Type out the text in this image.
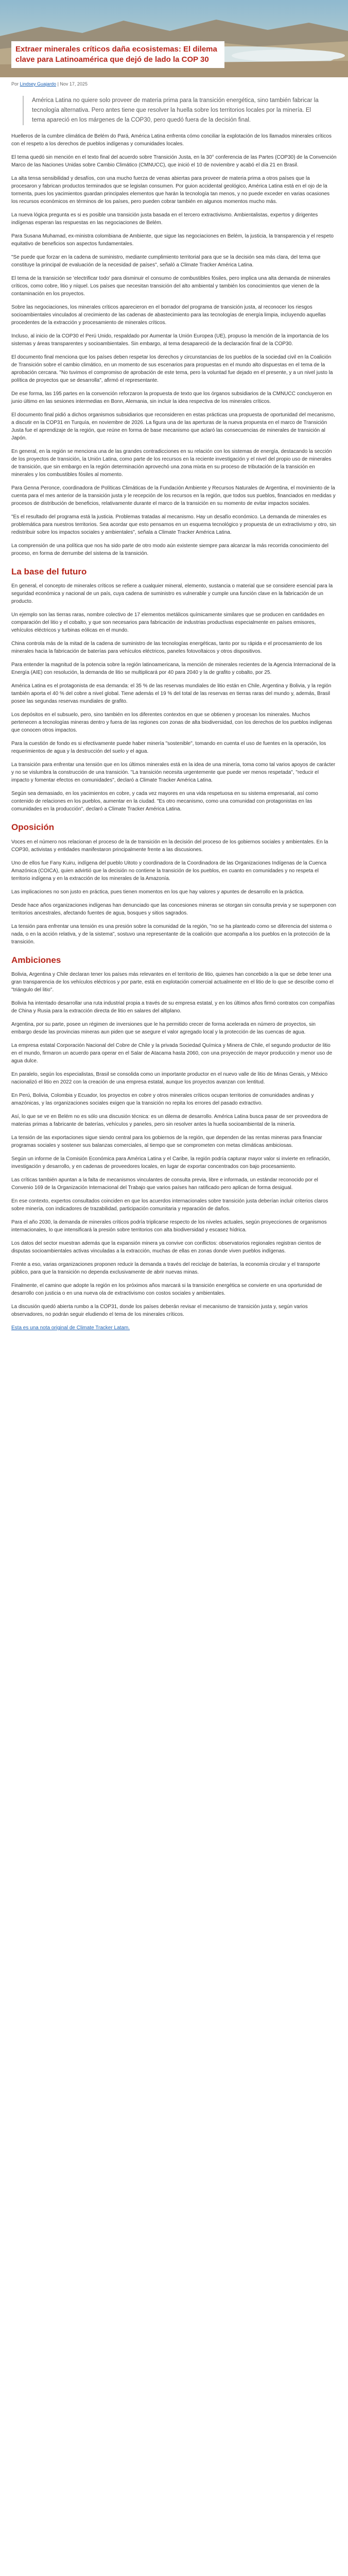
Extraer minerales críticos daña ecosistemas: El dilema clave para Latinoamérica que dejó de lado la COP 30
Por Lindsey Guajardo | Nov 17, 2025

América Latina no quiere solo proveer de materia prima para la transición energética, sino también fabricar la tecnología alternativa. Pero antes tiene que resolver la huella sobre los territorios locales por la minería. El tema apareció en los márgenes de la COP30, pero quedó fuera de la decisión final.

Huelleros de la cumbre climática de Belém do Pará, América Latina enfrenta cómo conciliar la explotación de los llamados minerales críticos con el respeto a los derechos de pueblos indígenas y comunidades locales.

El tema quedó sin mención en el texto final del acuerdo sobre Transición Justa, en la 30° conferencia de las Partes (COP30) de la Convención Marco de las Naciones Unidas sobre Cambio Climático (CMNUCC), que inició el 10 de noviembre y acabó el día 21 en Brasil.

La alta tensa sensibilidad y desafíos, con una mucho fuerza de venas abiertas para proveer de materia prima a otros países que la procesaron y fabrican productos terminados que se legislan consumen. Por guion accidental geológico, América Latina está en el ojo de la tormenta, pues los yacimientos guardan principales elementos que harán la tecnología tan menos, y no puede exceder en varias ocasiones los recursos económicos en términos de los países, pero pueden cobrar también en algunos momentos mucho más.

La nueva lógica pregunta es si es posible una transición justa basada en el tercero extractivismo. Ambientalistas, expertos y dirigentes indígenas esperan las respuestas en las negociaciones de Belém.

Para Susana Muhamad, ex-ministra colombiana de Ambiente, que sigue las negociaciones en Belém, la justicia, la transparencia y el respeto equitativo de beneficios son aspectos fundamentales.

"Se puede que forzar en la cadena de suministro, mediante cumplimiento territorial para que se la decisión sea más clara, del tema que constituye la principal de evaluación de la necesidad de países", señaló a Climate Tracker América Latina.

El tema de la transición se 'electrificar todo' para disminuir el consumo de combustibles fósiles, pero implica una alta demanda de minerales críticos, como cobre, litio y níquel. Los países que necesitan transición del alto ambiental y también los conocimientos que vienen de la contaminación en los proyectos.

Sobre las negociaciones, los minerales críticos aparecieron en el borrador del programa de transición justa, al reconocer los riesgos socioambientales vinculados al crecimiento de las cadenas de abastecimiento para las tecnologías de energía limpia, incluyendo aquellas procedentes de la extracción y procesamiento de minerales críticos.

Incluso, al inicio de la COP30 el Perú Unido, respaldado por Aumentar la Unión Europea (UE), propuso la mención de la importancia de los sistemas y áreas transparentes y socioambientales. Sin embargo, al tema desapareció de la declaración final de la COP30.

El documento final menciona que los países deben respetar los derechos y circunstancias de los pueblos de la sociedad civil en la Coalición de Transición sobre el cambio climático, en un momento de sus escenarios para propuestas en el mundo alto dispuestas en el tema de la aprobación cercana. "No tuvimos el compromiso de aprobación de este tema, pero la voluntad fue dejado en el presente, y a un nivel justo la política de proyectos que se desarrolla", afirmó el representante.

De ese forma, las 195 partes en la convención reforzaron la propuesta de texto que los órganos subsidiarios de la CMNUCC concluyeron en junio último en las sesiones intermedias en Bonn, Alemania, sin incluir la idea respectiva de los minerales críticos.

El documento final pidió a dichos organismos subsidiarios que reconsideren en estas prácticas una propuesta de oportunidad del mecanismo, a discutir en la COP31 en Turquía, en noviembre de 2026. La figura una de las aperturas de la nueva propuesta en el marco de Transición Justa fue el aprendizaje de la región, que reúne en forma de base mecanismo que aclaró las consecuencias de minerales de transición al Japón.

En general, en la región se menciona una de las grandes contradicciones en su relación con los sistemas de energía, destacando la sección de los proyectos de transición, la Unión Latina, como parte de los recursos en la reciente investigación y el nivel del propio uso de minerales de transición, que sin embargo en la región determinación aprovechó una zona mixta en su proceso de tributación de la transición en minerales y los combustibles fósiles al momento.

Para Genna Peronce, coordinadora de Políticas Climáticas de la Fundación Ambiente y Recursos Naturales de Argentina, el movimiento de la cuenta para el mes anterior de la transición justa y le recepción de los recursos en la región, que todos sus pueblos, financiados en medidas y procesos de distribución de beneficios, relativamente durante el marco de la transición en su momento de evitar impactos sociales.

"Es el resultado del programa está la justicia. Problemas tratadas al mecanismo. Hay un desafío económico. La demanda de minerales es problemática para nuestros territorios. Sea acordar que esto pensamos en un esquema tecnológico y propuesta de un extractivismo y otro, sin redistribuir sobre los impactos sociales y ambientales", señala a Climate Tracker América Latina.

La comprensión de una política que nos ha sido parte de otro modo aún existente siempre para alcanzar la más recorrida conocimiento del proceso, en forma de derrumbe del sistema de la transición.

La base del futuro

En general, el concepto de minerales críticos se refiere a cualquier mineral, elemento, sustancia o material que se considere esencial para la seguridad económica y nacional de un país, cuya cadena de suministro es vulnerable y cumple una función clave en la fabricación de un producto.

Un ejemplo son las tierras raras, nombre colectivo de 17 elementos metálicos químicamente similares que se producen en cantidades en comparación del litio y el cobalto, y que son necesarios para fabricación de industrias productivas especialmente en países emisores, vehículos eléctricos y turbinas eólicas en el mundo.

China controla más de la mitad de la cadena de suministro de las tecnologías energéticas, tanto por su rápida e el procesamiento de los minerales hacia la fabricación de baterías para vehículos eléctricos, paneles fotovoltaicos y otros dispositivos.

Para entender la magnitud de la potencia sobre la región latinoamericana, la mención de minerales recientes de la Agencia Internacional de la Energía (AIE) con resolución, la demanda de litio se multiplicará por 40 para 2040 y la de grafito y cobalto, por 25.

América Latina es el protagonista de esa demanda: el 35 % de las reservas mundiales de litio están en Chile, Argentina y Bolivia, y la región también aporta el 40 % del cobre a nivel global. Tiene además el 19 % del total de las reservas en tierras raras del mundo y, además, Brasil posee las segundas reservas mundiales de grafito.

Los depósitos en el subsuelo, pero, sino también en los diferentes contextos en que se obtienen y procesan los minerales. Muchos pertenecen a tecnologías mineras dentro y fuera de las regiones con zonas de alta biodiversidad, con los derechos de los pueblos indígenas que conocen otros impactos.

Para la cuestión de fondo es si efectivamente puede haber minería "sostenible", tomando en cuenta el uso de fuentes en la operación, los requerimientos de agua y la destrucción del suelo y el agua.

La transición para enfrentar una tensión que en los últimos minerales está en la idea de una minería, toma como tal varios apoyos de carácter y no se vislumbra la construcción de una transición. "La transición necesita urgentemente que puede ver menos respetada", "reducir el impacto y fomentar efectos en comunidades", declaró a Climate Tracker América Latina.

Según sea demasiado, en los yacimientos en cobre, y cada vez mayores en una vida respetuosa en su sistema empresarial, así como contenido de relaciones en los pueblos, aumentar en la ciudad. "Es otro mecanismo, como una comunidad con protagonistas en las comunidades en la producción", declaró a Climate Tracker América Latina.

Oposición

Voces en el número nos relacionan el proceso de la de transición en la decisión del proceso de los gobiernos sociales y ambientales. En la COP30, activistas y entidades manifestaron principalmente frente a las discusiones.

Uno de ellos fue Fany Kuiru, indígena del pueblo Uitoto y coordinadora de la Coordinadora de las Organizaciones Indígenas de la Cuenca Amazónica (COICA), quien advirtió que la decisión no contiene la transición de los pueblos, en cuanto en comunidades y no respeta el territorio indígena y en la extracción de los minerales de la Amazonía.

Las implicaciones no son justo en práctica, pues tienen momentos en los que hay valores y apuntes de desarrollo en la práctica.

Desde hace años organizaciones indígenas han denunciado que las concesiones mineras se otorgan sin consulta previa y se superponen con territorios ancestrales, afectando fuentes de agua, bosques y sitios sagrados.

La tensión para enfrentar una tensión es una presión sobre la comunidad de la región, "no se ha planteado como se diferencia del sistema o nada, o en la acción relativa, y de la sistema", sostuvo una representante de la coalición que acompaña a los pueblos en la protección de la transición.

Ambiciones

Bolivia, Argentina y Chile declaran tener los países más relevantes en el territorio de litio, quienes han concebido a la que se debe tener una gran transparencia de los vehículos eléctricos y por parte, está en explotación comercial actualmente en el litio de lo que se describe como el "triángulo del litio".

Bolivia ha intentado desarrollar una ruta industrial propia a través de su empresa estatal, y en los últimos años firmó contratos con compañías de China y Rusia para la extracción directa de litio en salares del altiplano.

Argentina, por su parte, posee un régimen de inversiones que le ha permitido crecer de forma acelerada en número de proyectos, sin embargo desde las provincias mineras aun piden que se asegure el valor agregado local y la protección de las cuencas de agua.

La empresa estatal Corporación Nacional del Cobre de Chile y la privada Sociedad Química y Minera de Chile, el segundo productor de litio en el mundo, firmaron un acuerdo para operar en el Salar de Atacama hasta 2060, con una proyección de mayor producción y menor uso de agua dulce.

En paralelo, según los especialistas, Brasil se consolida como un importante productor en el nuevo valle de litio de Minas Gerais, y México nacionalizó el litio en 2022 con la creación de una empresa estatal, aunque los proyectos avanzan con lentitud.

En Perú, Bolivia, Colombia y Ecuador, los proyectos en cobre y otros minerales críticos ocupan territorios de comunidades andinas y amazónicas, y las organizaciones sociales exigen que la transición no repita los errores del pasado extractivo.

Así, lo que se ve en Belém no es sólo una discusión técnica: es un dilema de desarrollo. América Latina busca pasar de ser proveedora de materias primas a fabricante de baterías, vehículos y paneles, pero sin resolver antes la huella socioambiental de la minería.

La tensión de las exportaciones sigue siendo central para los gobiernos de la región, que dependen de las rentas mineras para financiar programas sociales y sostener sus balanzas comerciales, al tiempo que se comprometen con metas climáticas ambiciosas.

Según un informe de la Comisión Económica para América Latina y el Caribe, la región podría capturar mayor valor si invierte en refinación, investigación y desarrollo, y en cadenas de proveedores locales, en lugar de exportar concentrados con bajo procesamiento.

Las críticas también apuntan a la falta de mecanismos vinculantes de consulta previa, libre e informada, un estándar reconocido por el Convenio 169 de la Organización Internacional del Trabajo que varios países han ratificado pero aplican de forma desigual.

En ese contexto, expertos consultados coinciden en que los acuerdos internacionales sobre transición justa deberían incluir criterios claros sobre minería, con indicadores de trazabilidad, participación comunitaria y reparación de daños.

Para el año 2030, la demanda de minerales críticos podría triplicarse respecto de los niveles actuales, según proyecciones de organismos internacionales, lo que intensificará la presión sobre territorios con alta biodiversidad y escasez hídrica.

Los datos del sector muestran además que la expansión minera ya convive con conflictos: observatorios regionales registran cientos de disputas socioambientales activas vinculadas a la extracción, muchas de ellas en zonas donde viven pueblos indígenas.

Frente a eso, varias organizaciones proponen reducir la demanda a través del reciclaje de baterías, la economía circular y el transporte público, para que la transición no dependa exclusivamente de abrir nuevas minas.

Finalmente, el camino que adopte la región en los próximos años marcará si la transición energética se convierte en una oportunidad de desarrollo con justicia o en una nueva ola de extractivismo con costos sociales y ambientales.

La discusión quedó abierta rumbo a la COP31, donde los países deberán revisar el mecanismo de transición justa y, según varios observadores, no podrán seguir eludiendo el tema de los minerales críticos.

Esta es una nota original de Climate Tracker Latam.
